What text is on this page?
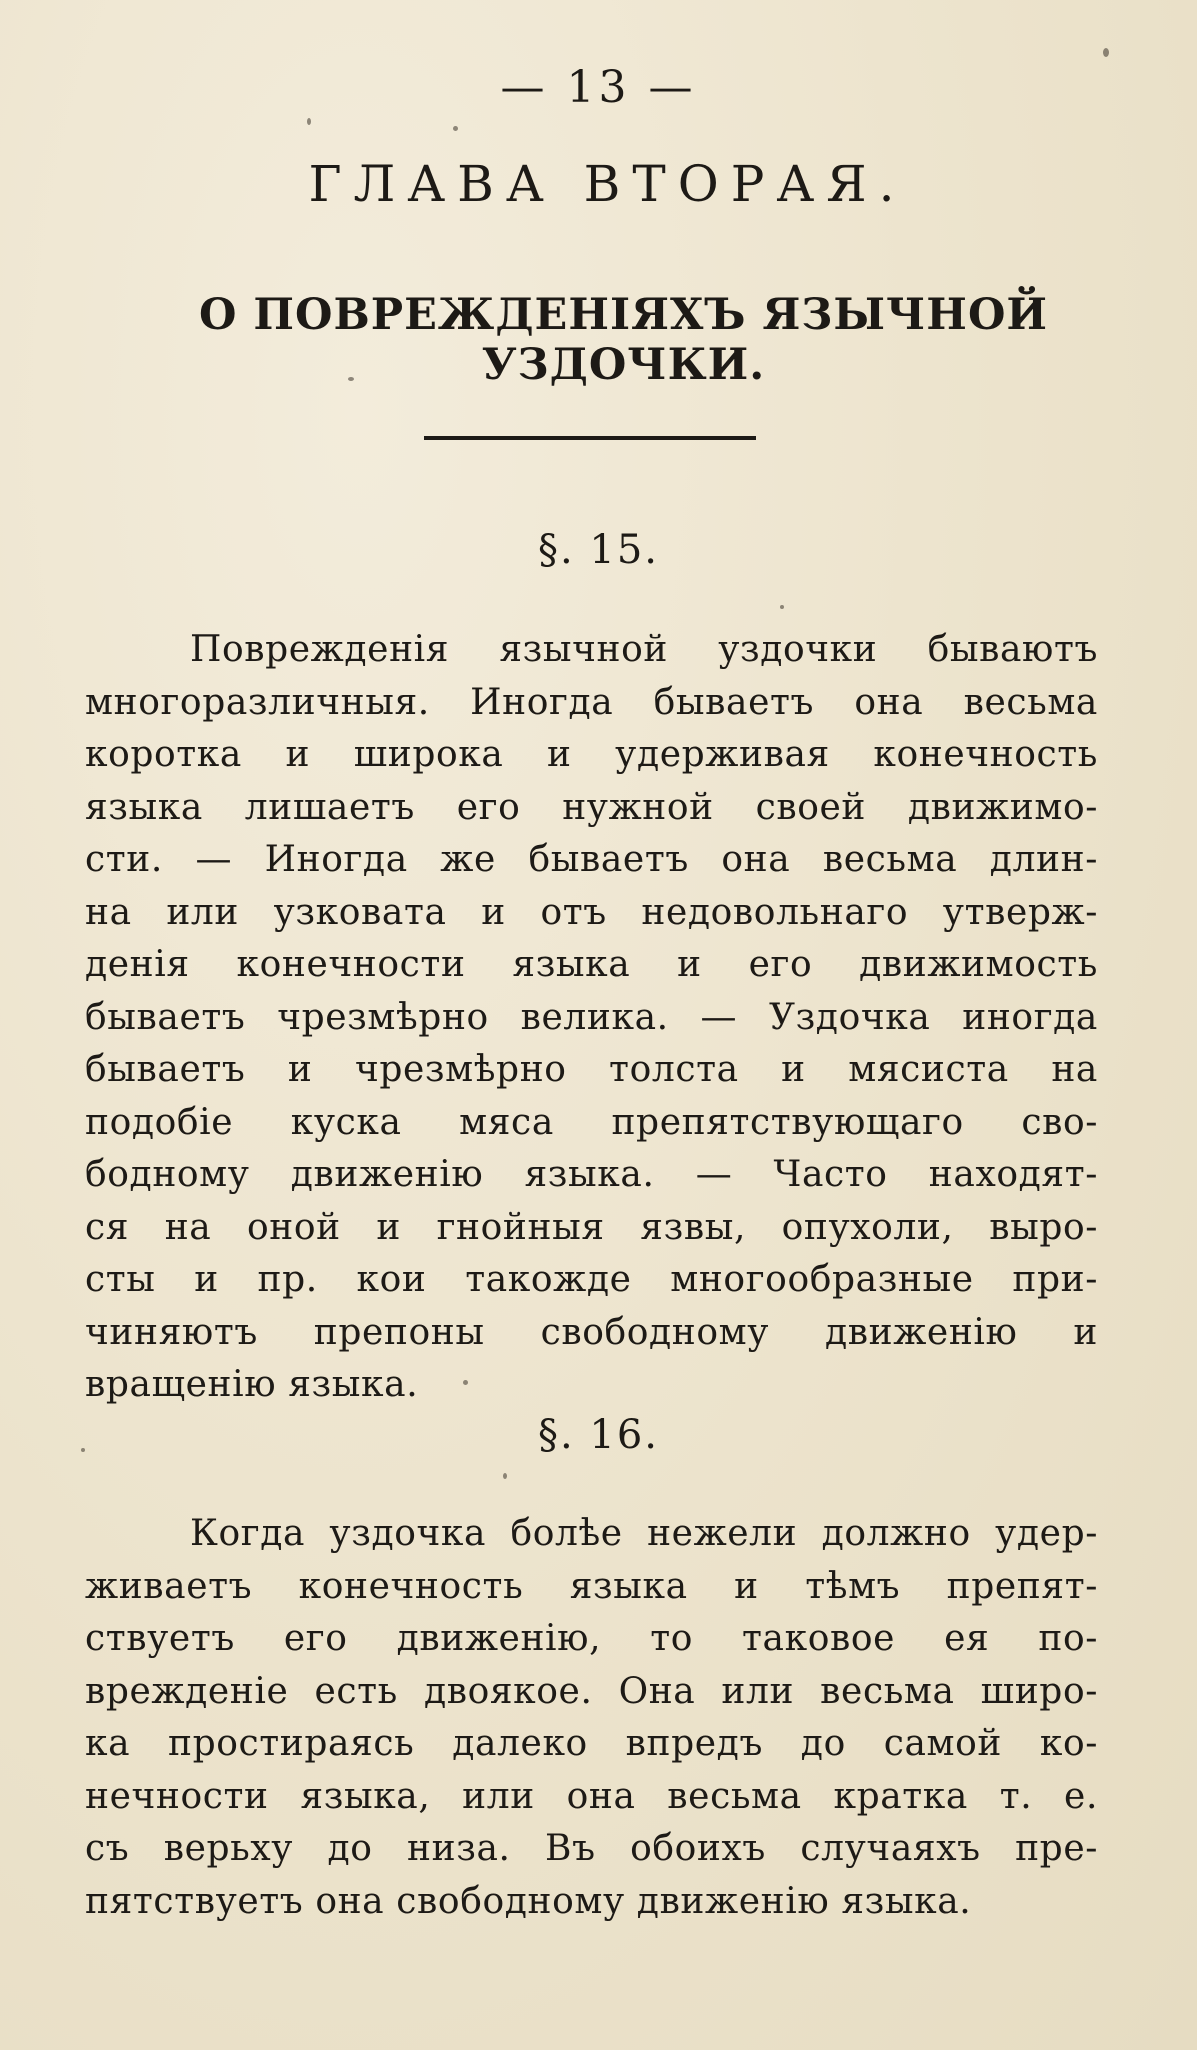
— 13 —
ГЛАВА ВТОРАЯ.
О ПОВРЕЖДЕНІЯХЪ ЯЗЫЧНОЙ УЗДОЧКИ.
§. 15.
Поврежденія язычной уздочки бываютъ
многоразличныя. Иногда бываетъ она весьма
коротка и широка и удерживая конечность
языка лишаетъ его нужной своей движимо-
сти. — Иногда же бываетъ она весьма длин-
на или узковата и отъ недовольнаго утверж-
денія конечности языка и его движимость
бываетъ чрезмѣрно велика. — Уздочка иногда
бываетъ и чрезмѣрно толста и мясиста на
подобіе куска мяса препятствующаго сво-
бодному движенію языка. — Часто находят-
ся на оной и гнойныя язвы, опухоли, выро-
сты и пр. кои такожде многообразные при-
чиняютъ препоны свободному движенію и
вращенію языка.
§. 16.
Когда уздочка болѣе нежели должно удер-
живаетъ конечность языка и тѣмъ препят-
ствуетъ его движенію, то таковое ея по-
врежденіе есть двоякое. Она или весьма широ-
ка простираясь далеко впредъ до самой ко-
нечности языка, или она весьма кратка т. е.
съ верьху до низа. Въ обоихъ случаяхъ пре-
пятствуетъ она свободному движенію языка.
